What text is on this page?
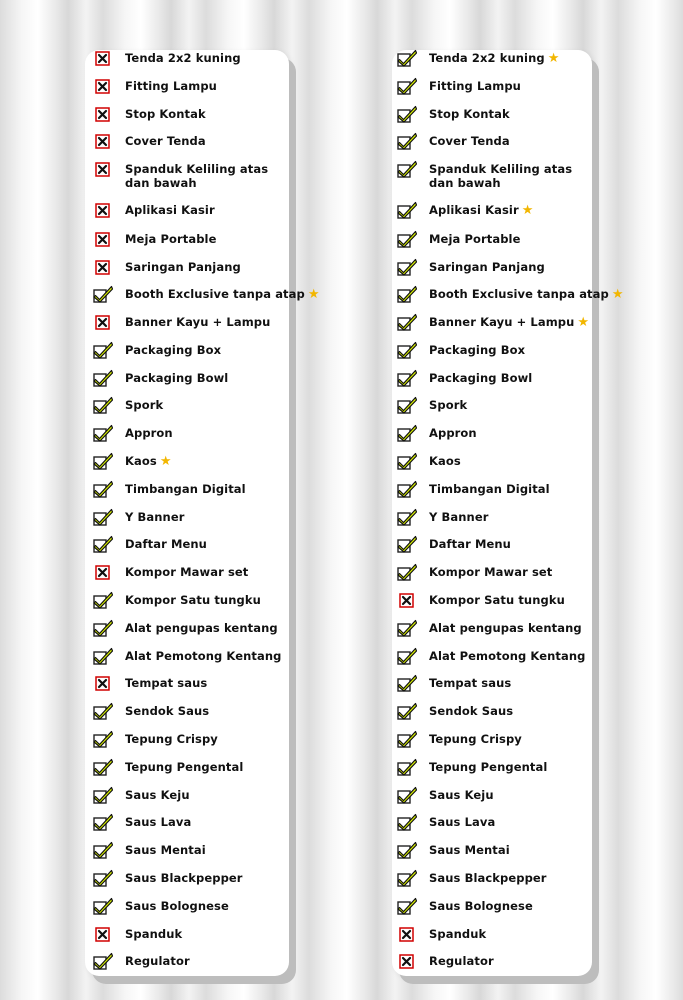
Tenda 2x2 kuning
Fitting Lampu
Stop Kontak
Cover Tenda
Spanduk Keliling atas dan bawah
Aplikasi Kasir
Meja Portable
Saringan Panjang
Booth Exclusive tanpa atap ★
Banner Kayu + Lampu
Packaging Box
Packaging Bowl
Spork
Appron
Kaos ★
Timbangan Digital
Y Banner
Daftar Menu
Kompor Mawar set
Kompor Satu tungku
Alat pengupas kentang
Alat Pemotong Kentang
Tempat saus
Sendok Saus
Tepung Crispy
Tepung Pengental
Saus Keju
Saus Lava
Saus Mentai
Saus Blackpepper
Saus Bolognese
Spanduk
Regulator
Tenda 2x2 kuning ★
Fitting Lampu
Stop Kontak
Cover Tenda
Spanduk Keliling atas dan bawah
Aplikasi Kasir ★
Meja Portable
Saringan Panjang
Booth Exclusive tanpa atap ★
Banner Kayu + Lampu ★
Packaging Box
Packaging Bowl
Spork
Appron
Kaos
Timbangan Digital
Y Banner
Daftar Menu
Kompor Mawar set
Kompor Satu tungku
Alat pengupas kentang
Alat Pemotong Kentang
Tempat saus
Sendok Saus
Tepung Crispy
Tepung Pengental
Saus Keju
Saus Lava
Saus Mentai
Saus Blackpepper
Saus Bolognese
Spanduk
Regulator
